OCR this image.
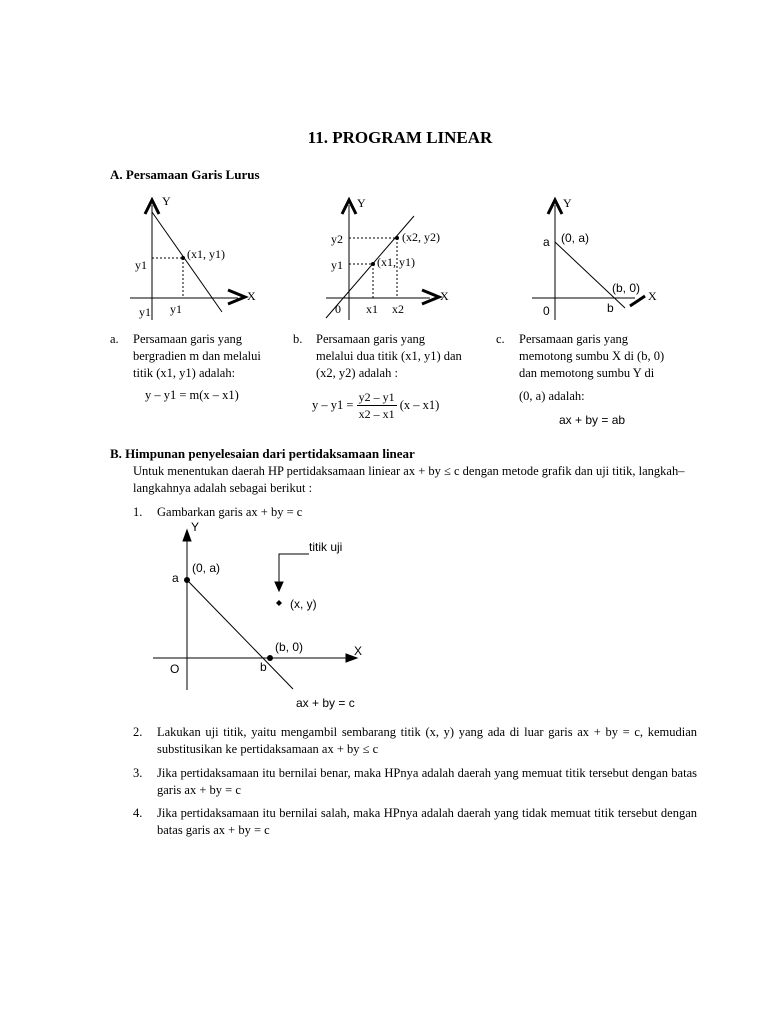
11. PROGRAM LINEAR
A. Persamaan Garis Lurus
Y
X
(x1, y1)
y1
y1
y1
Y
X
(x2, y2)
(x1, y1)
y2
y1
0 x1 x2
Y
X
(0, a)
a
(b, 0)
b
0
a. Persamaan garis yang
bergradien m dan melalui
titik (x1, y1) adalah:
y – y1 = m(x – x1)
b. Persamaan garis yang
melalui dua titik (x1, y1) dan
(x2, y2) adalah :
$y - y1 = \frac{y2 - y1}{x2 - x1} (x - x1)$
c. Persamaan garis yang
memotong sumbu X di (b, 0)
dan memotong sumbu Y di
(0, a) adalah:
ax + by = ab
B. Himpunan penyelesaian dari pertidaksamaan linear
Untuk menentukan daerah HP pertidaksamaan liniear ax + by ≤ c dengan metode grafik dan uji titik, langkah–langkahnya adalah sebagai berikut :
1. Gambarkan garis ax + by = c
Y
X
O
a
b
(0, a)
(b, 0)
titik uji
(x, y)
ax + by = c
2. Lakukan uji titik, yaitu mengambil sembarang titik (x, y) yang ada di luar garis ax + by = c, kemudian substitusikan ke pertidaksamaan ax + by ≤ c
3. Jika pertidaksamaan itu bernilai benar, maka HPnya adalah daerah yang memuat titik tersebut dengan batas garis ax + by = c
4. Jika pertidaksamaan itu bernilai salah, maka HPnya adalah daerah yang tidak memuat titik tersebut dengan batas garis ax + by = c
